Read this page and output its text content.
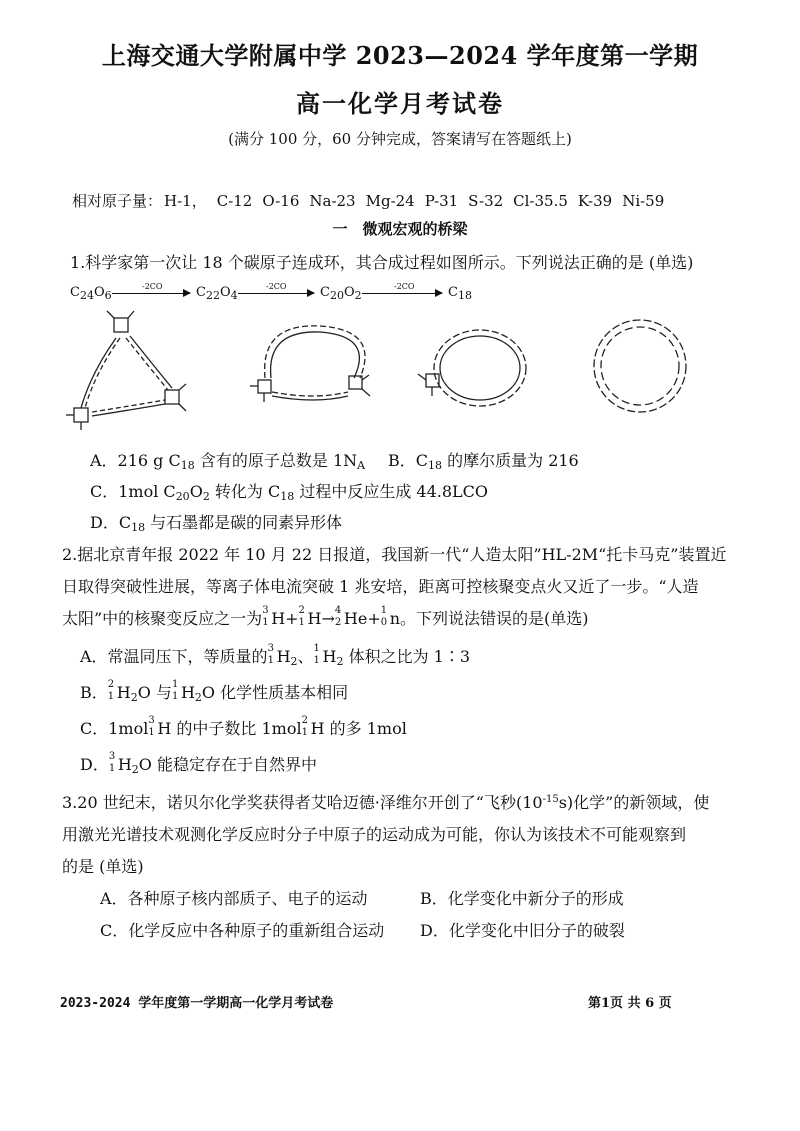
上海交通大学附属中学 2023—2024 学年度第一学期
高一化学月考试卷
(满分 100 分，60 分钟完成，答案请写在答题纸上)
相对原子量： H-1， C-12 O-16 Na-23 Mg-24 P-31 S-32 Cl-35.5 K-39 Ni-59
一　微观宏观的桥梁
1.科学家第一次让 18 个碳原子连成环，其合成过程如图所示。下列说法正确的是 (单选)
$C_{24}O_6$
-2CO	$C_{22}O_4$
-2CO	$C_{20}O_2$
-2CO	$C_{18}$
A．216 g $C_{18}$ 含有的原子总数是 $1N_A$ B．$C_{18}$ 的摩尔质量为 216
C．1mol $C_{20}O_2$ 转化为 $C_{18}$ 过程中反应生成 44.8LCO
D．$C_{18}$ 与石墨都是碳的同素异形体
2.据北京青年报 2022 年 10 月 22 日报道，我国新一代“人造太阳”HL-2M“托卡马克”装置近
日取得突破性进展，等离子体电流突破 1 兆安培，距离可控核聚变点火又近了一步。“人造
太阳”中的核聚变反应之一为 3
1 H+ 2
1 H→ 4
2 He+ 1
0 n。下列说法错误的是(单选)
A．常温同压下，等质量的 3
1 $H_2$、 1
1 $H_2$ 体积之比为 1∶3
B． 2
1 $H_2O$ 与 1
1 $H_2O$ 化学性质基本相同
C．1mol 3
1 H 的中子数比 1mol 2
1 H 的多 1mol
D． 3
1 $H_2O$ 能稳定存在于自然界中
3.20 世纪末，诺贝尔化学奖获得者艾哈迈德·泽维尔开创了“飞秒$(10^{-15}s)$化学”的新领域，使
用激光光谱技术观测化学反应时分子中原子的运动成为可能，你认为该技术不可能观察到
的是 (单选)
A．各种原子核内部质子、电子的运动	B．化学变化中新分子的形成
C．化学反应中各种原子的重新组合运动 D．化学变化中旧分子的破裂
2023-2024 学年度第一学期高一化学月考试卷	第1页 共 6 页
